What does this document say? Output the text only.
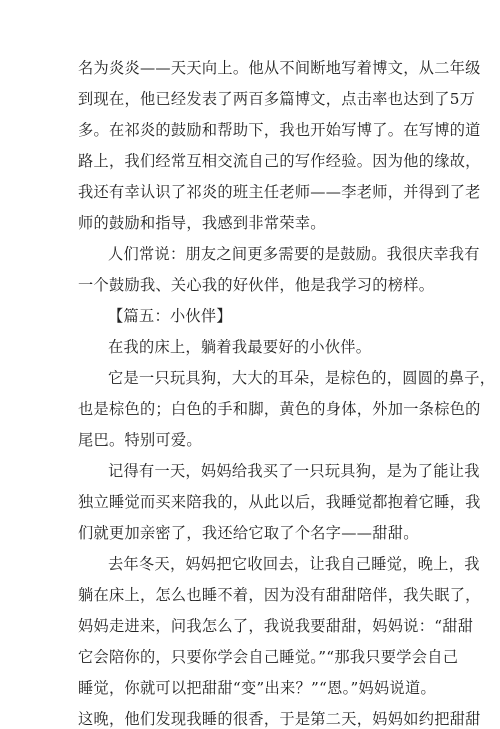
名为炎炎——天天向上。他从不间断地写着博文，从二年级
到现在，他已经发表了两百多篇博文，点击率也达到了5万
多。在祁炎的鼓励和帮助下，我也开始写博了。在写博的道
路上，我们经常互相交流自己的写作经验。因为他的缘故，
我还有幸认识了祁炎的班主任老师——李老师，并得到了老
师的鼓励和指导，我感到非常荣幸。
人们常说：朋友之间更多需要的是鼓励。我很庆幸我有
一个鼓励我、关心我的好伙伴，他是我学习的榜样。
【篇五：小伙伴】
在我的床上，躺着我最要好的小伙伴。
它是一只玩具狗，大大的耳朵，是棕色的，圆圆的鼻子，
也是棕色的；白色的手和脚，黄色的身体，外加一条棕色的
尾巴。特别可爱。
记得有一天，妈妈给我买了一只玩具狗，是为了能让我
独立睡觉而买来陪我的，从此以后，我睡觉都抱着它睡，我
们就更加亲密了，我还给它取了个名字——甜甜。
去年冬天，妈妈把它收回去，让我自己睡觉，晚上，我
躺在床上，怎么也睡不着，因为没有甜甜陪伴，我失眠了，
妈妈走进来，问我怎么了，我说我要甜甜，妈妈说：“甜甜
它会陪你的，只要你学会自己睡觉。”“那我只要学会自己
睡觉，你就可以把甜甜“变”出来？”“恩。”妈妈说道。
这晚，他们发现我睡的很香，于是第二天，妈妈如约把甜甜
